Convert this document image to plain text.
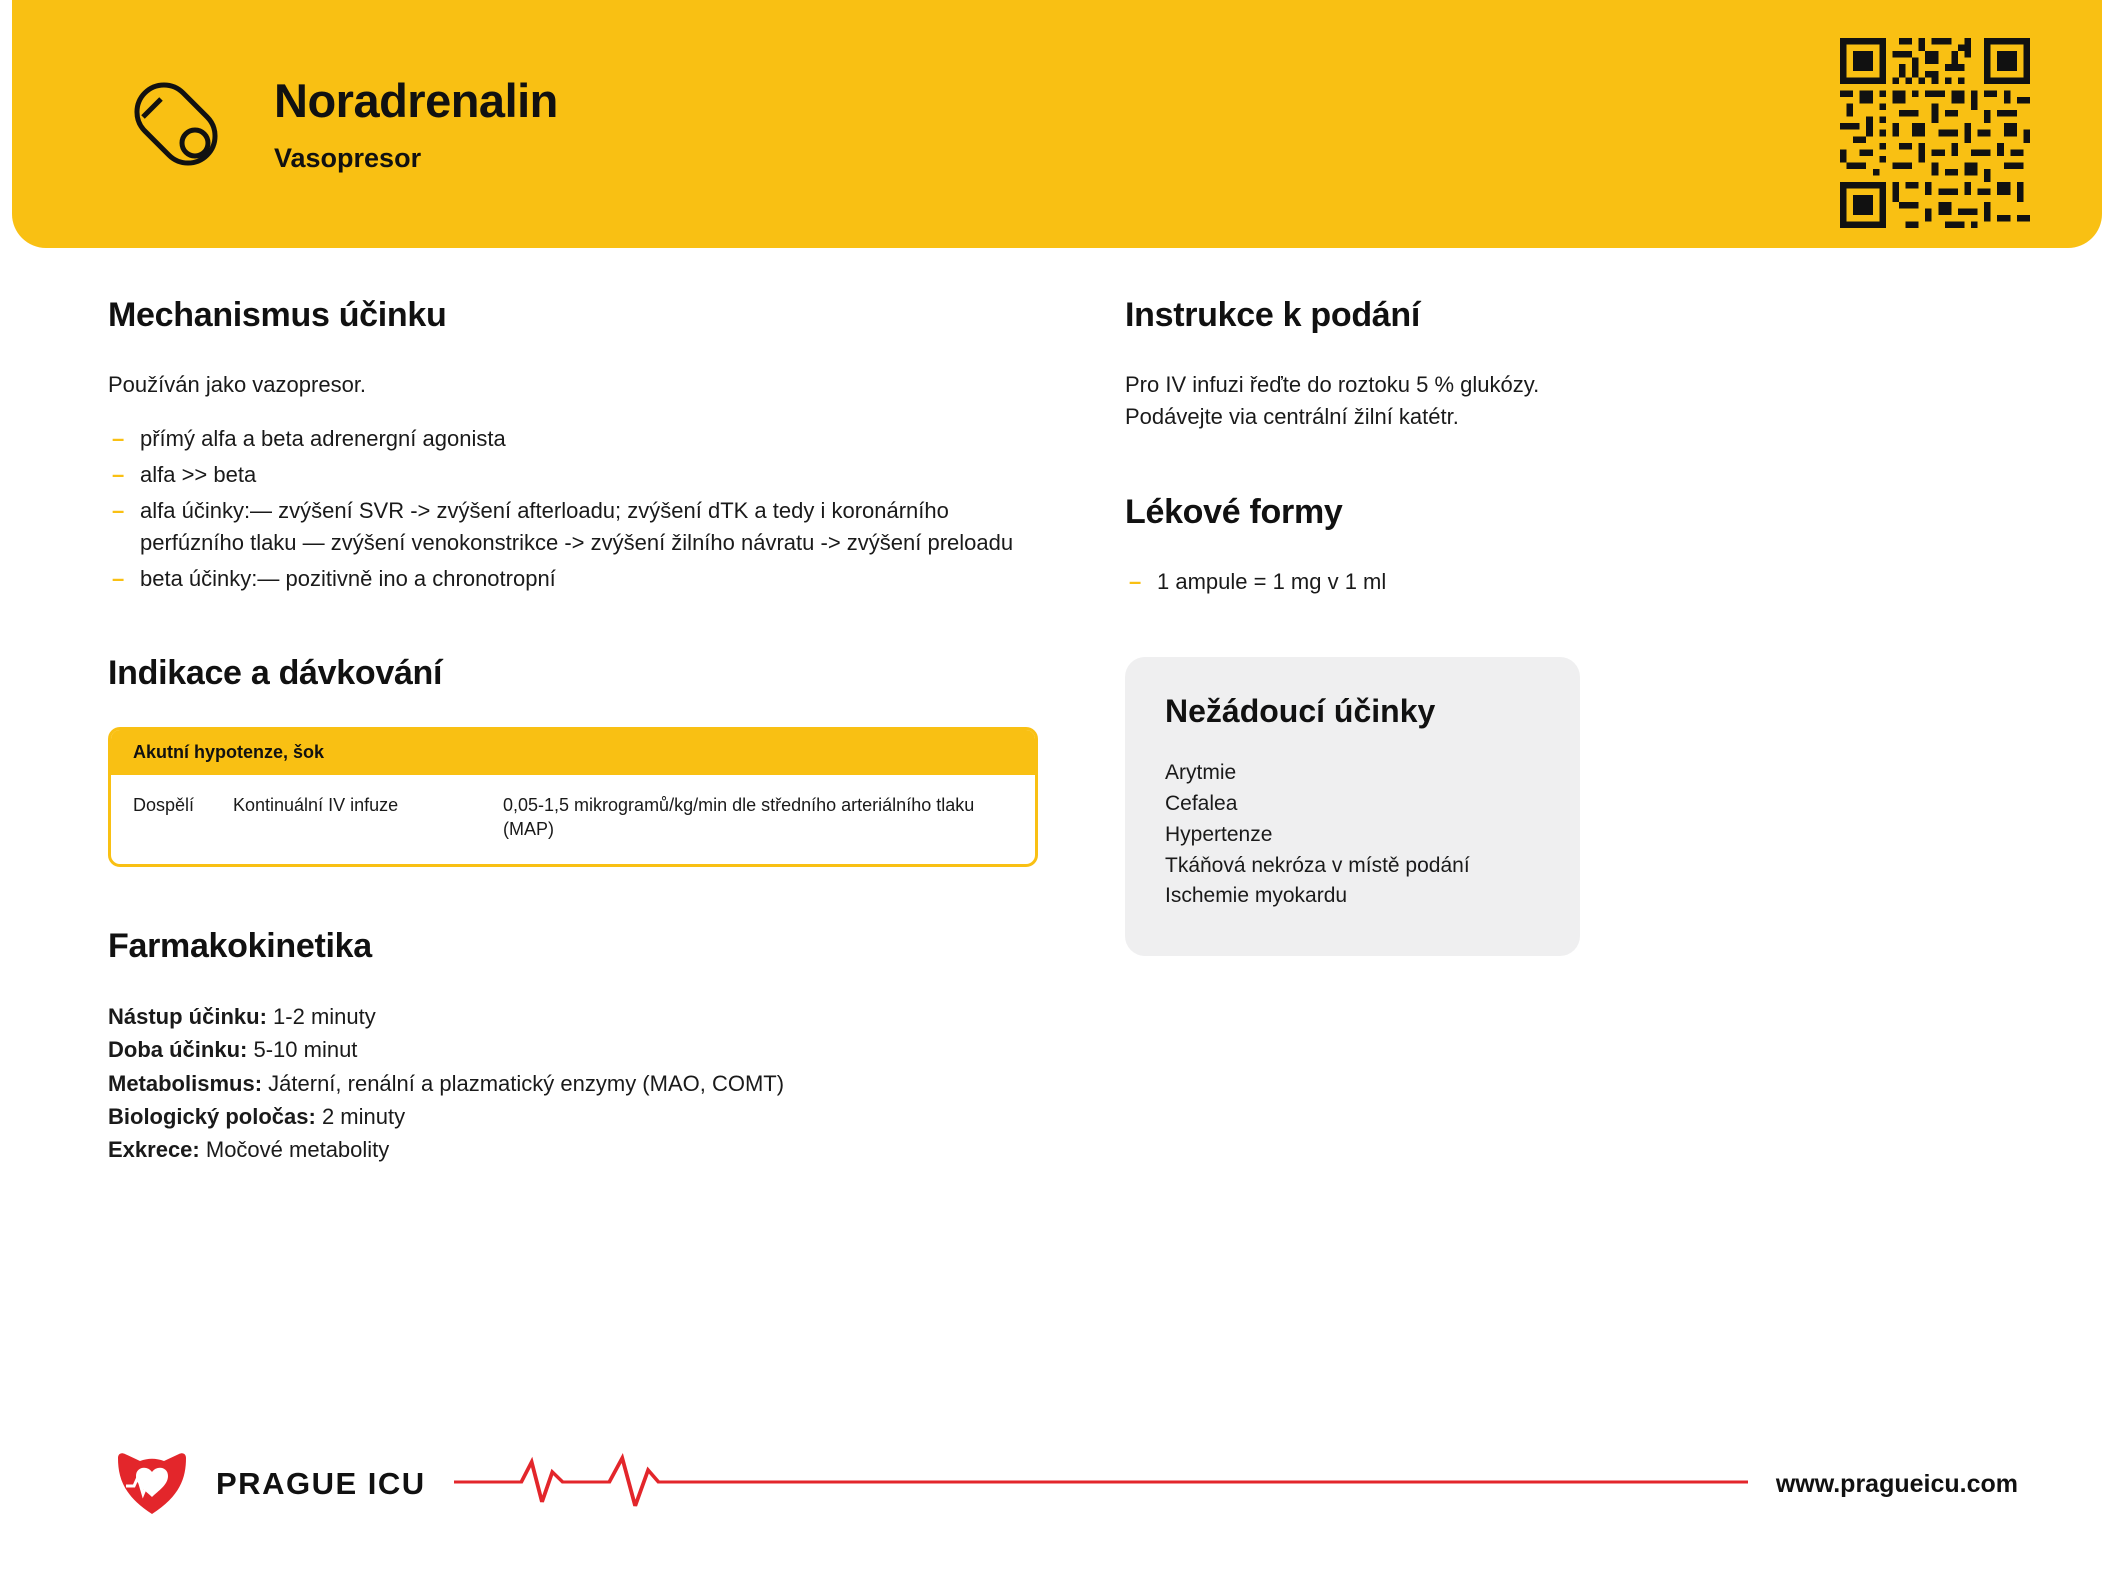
Noradrenalin
Vasopresor
Mechanismus účinku

Používán jako vazopresor.

– přímý alfa a beta adrenergní agonista
– alfa >> beta
– alfa účinky:— zvýšení SVR -> zvýšení afterloadu; zvýšení dTK a tedy i koronárního perfúzního tlaku — zvýšení venokonstrikce -> zvýšení žilního návratu -> zvýšení preloadu
– beta účinky:— pozitivně ino a chronotropní
Indikace a dávkování
Akutní hypotenze, šok
Dospělí	Kontinuální IV infuze	0,05-1,5 mikrogramů/kg/min dle středního arteriálního tlaku (MAP)
Farmakokinetika

Nástup účinku: 1-2 minuty

Doba účinku: 5-10 minut

Metabolismus: Játerní, renální a plazmatický enzymy (MAO, COMT)

Biologický poločas: 2 minuty

Exkrece: Močové metabolity

Instrukce k podání

Pro IV infuzi řeďte do roztoku 5 % glukózy.

Podávejte via centrální žilní katétr.

Lékové formy
– 1 ampule = 1 mg v 1 ml
Nežádoucí účinky
Arytmie
Cefalea
Hypertenze
Tkáňová nekróza v místě podání
Ischemie myokardu
PRAGUE ICU	www.pragueicu.com
